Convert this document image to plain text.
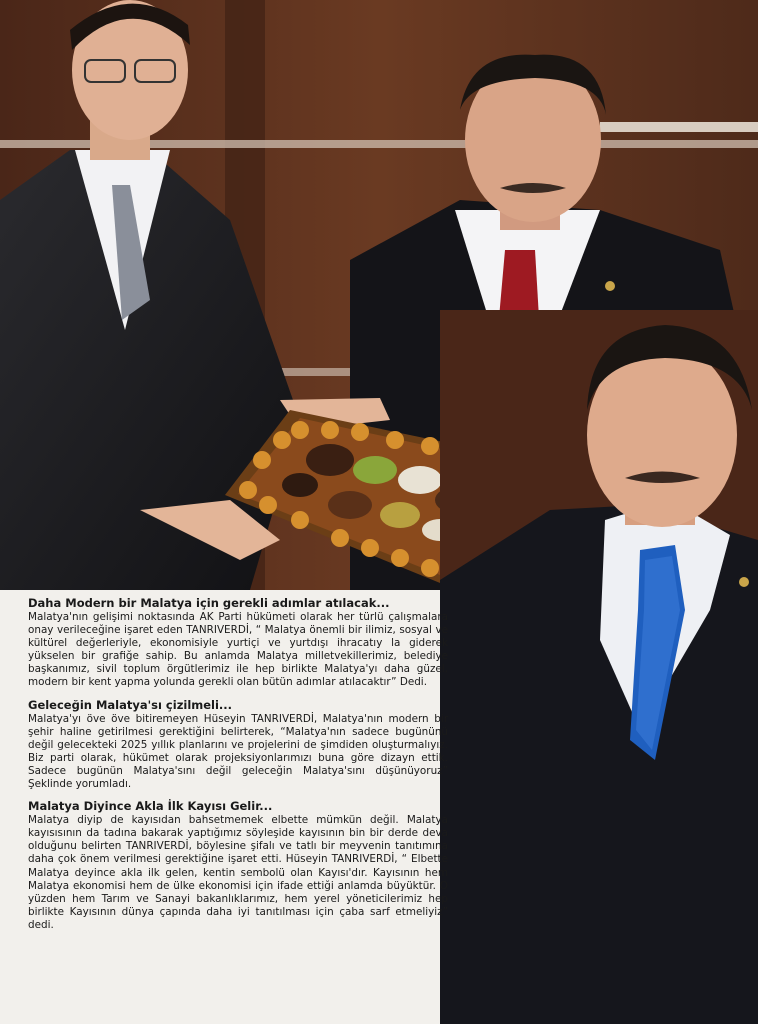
Daha Modern bir Malatya için gerekli adımlar atılacak...

Malatya'nın gelişimi noktasında AK Parti hükümeti olarak her türlü çalışmalara onay verileceğine işaret eden TANRIVERDİ, “ Malatya önemli bir ilimiz, sosyal ve kültürel değerleriyle, ekonomisiyle yurtiçi ve yurtdışı ihracatıy la giderek yükselen bir grafiğe sahip. Bu anlamda Malatya milletvekillerimiz, belediye başkanımız, sivil toplum örgütlerimiz ile hep birlikte Malatya'yı daha güzel, modern bir kent yapma yolunda gerekli olan bütün adımlar atılacaktır” Dedi.

Geleceğin Malatya'sı çizilmeli...

Malatya'yı öve öve bitiremeyen Hüseyin TANRIVERDİ, Malatya'nın modern bir şehir haline getirilmesi gerektiğini belirterek, “Malatya'nın sadece bugününü değil gelecekteki 2025 yıllık planlarını ve projelerini de şimdiden oluşturmalıyız. Biz parti olarak, hükümet olarak projeksiyonlarımızı buna göre dizayn ettik. Sadece bugünün Malatya'sını değil geleceğin Malatya'sını düşünüyoruz” Şeklinde yorumladı.

Malatya Diyince Akla İlk Kayısı Gelir...

Malatya diyip de kayısıdan bahsetmemek elbette mümkün değil. Malatya kayısısının da tadına bakarak yaptığımız söyleşide kayısının bin bir derde deva olduğunu belirten TANRIVERDİ, böylesine şifalı ve tatlı bir meyvenin tanıtımına daha çok önem verilmesi gerektiğine işaret etti. Hüseyin TANRIVERDİ, “ Elbette Malatya deyince akla ilk gelen, kentin sembolü olan Kayısı'dır. Kayısının hem Malatya ekonomisi hem de ülke ekonomisi için ifade ettiği anlamda büyüktür. O yüzden hem Tarım ve Sanayi bakanlıklarımız, hem yerel yöneticilerimiz hep birlikte Kayısının dünya çapında daha iyi tanıtılması için çaba sarf etmeliyiz” dedi.
